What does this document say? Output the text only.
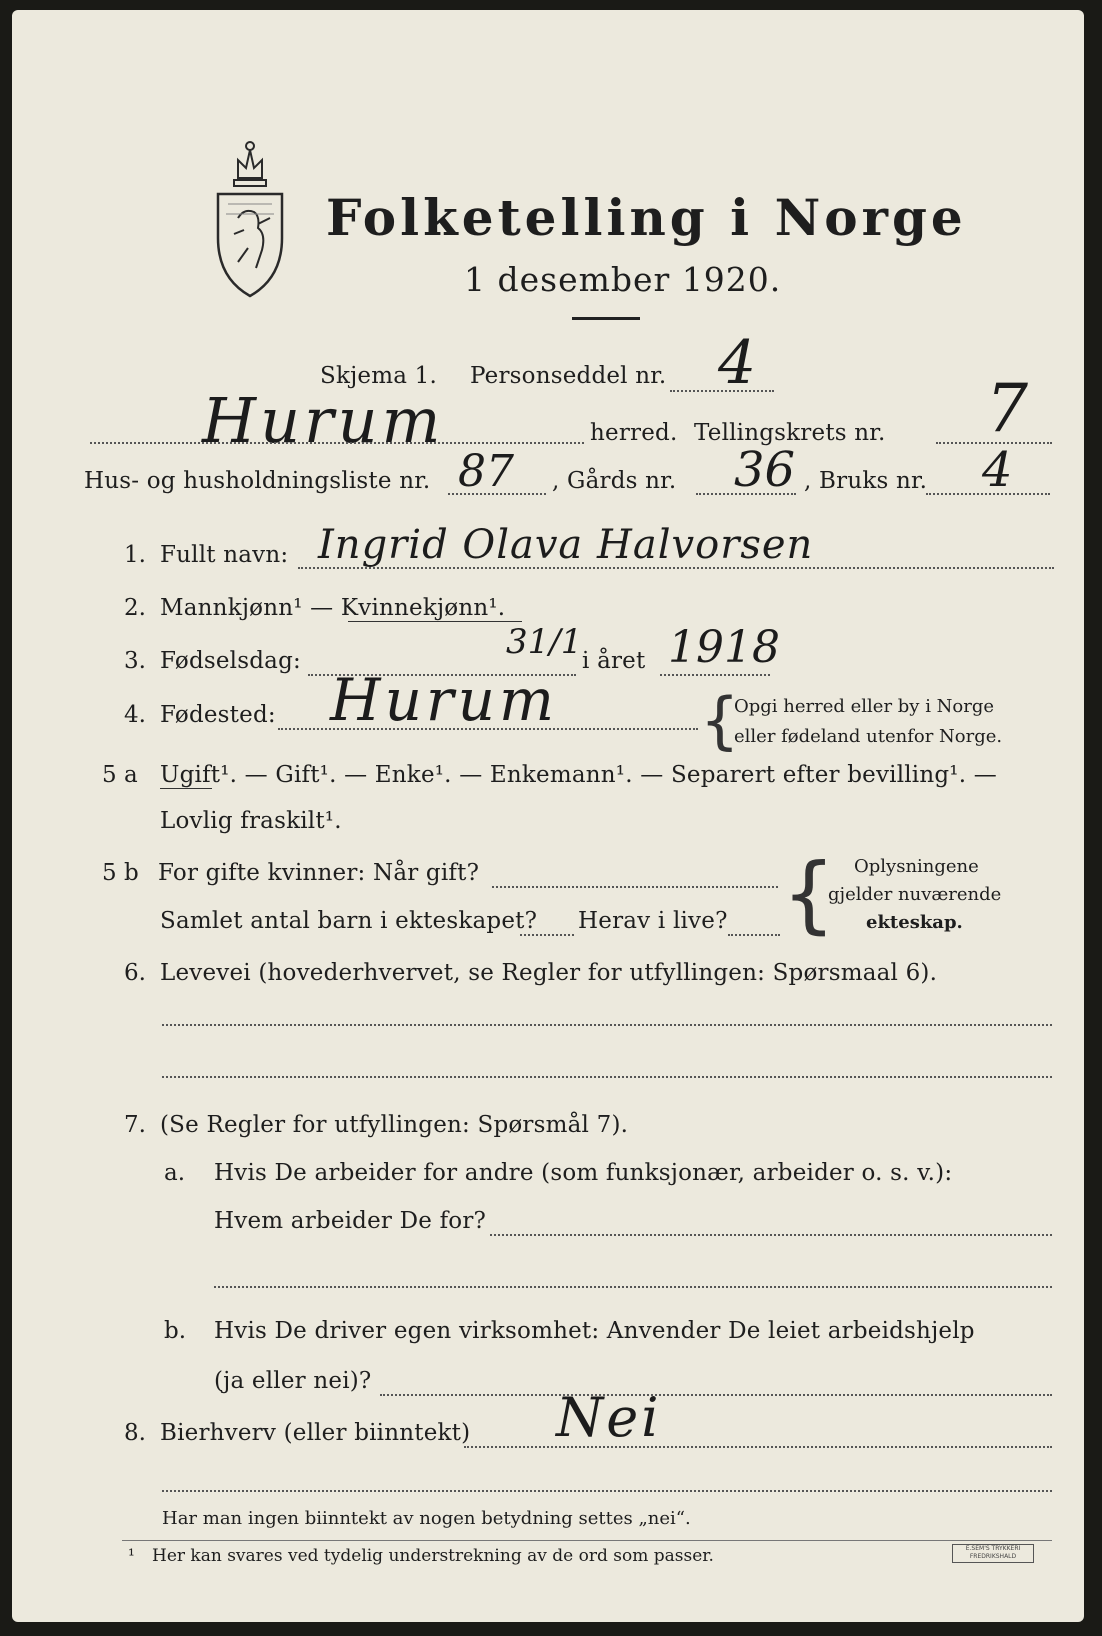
Folketelling i Norge
1 desember 1920.
Skjema 1. Personseddel nr. 4
Hurum	herred. Tellingskrets nr. 7
Hus- og husholdningsliste nr. 87 , Gårds nr. 36 , Bruks nr. 4
1. Fullt navn: Ingrid Olava Halvorsen
2. Mannkjønn¹ — Kvinnekjønn¹.
3. Fødselsdag:	31/1 i året 1918
4. Fødested: Hurum {
Opgi herred eller by i Norge
eller fødeland utenfor Norge.
5 a Ugift¹. — Gift¹. — Enke¹. — Enkemann¹. — Separert efter bevilling¹. —
Lovlig fraskilt¹.
5 b For gifte kvinner: Når gift?
Samlet antal barn i ekteskapet? Herav i live? { Oplysningene
gjelder nuværende
ekteskap.
6. Levevei (hovederhvervet, se Regler for utfyllingen: Spørsmaal 6).
7. (Se Regler for utfyllingen: Spørsmål 7).
a. Hvis De arbeider for andre (som funksjonær, arbeider o. s. v.):
Hvem arbeider De for?
b. Hvis De driver egen virksomhet: Anvender De leiet arbeidshjelp
(ja eller nei)?
8. Bierhverv (eller biinntekt) Nei
Har man ingen biinntekt av nogen betydning settes „nei“.
¹ Her kan svares ved tydelig understrekning av de ord som passer.	E.SEM'S TRYKKERI
FREDRIKSHALD
